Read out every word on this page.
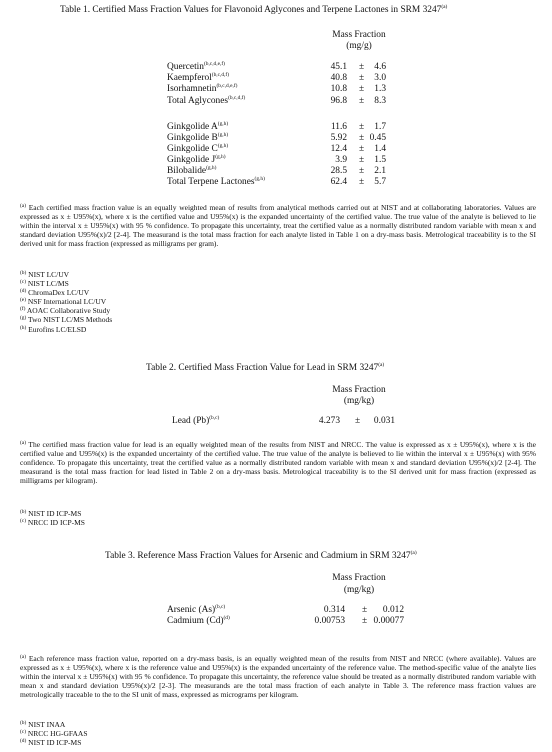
Table 1. Certified Mass Fraction Values for Flavonoid Aglycones and Terpene Lactones in SRM 3247$^{(a)}$
Mass Fraction
(mg/g)
Quercetin$^{(b,c,d,e,f)}$	45.1 ± 4.6
Kaempferol$^{(b,c,d,f)}$	40.8 ± 3.0
Isorhamnetin$^{(b,c,d,e,f)}$	10.8 ± 1.3
Total Aglycones$^{(b,c,d,f)}$	96.8 ± 8.3
Ginkgolide A$^{(g,h)}$	11.6 ± 1.7
Ginkgolide B$^{(g,h)}$	5.92 ± 0.45
Ginkgolide C$^{(g,h)}$	12.4 ± 1.4
Ginkgolide J$^{(g,h)}$	3.9 ± 1.5
Bilobalide$^{(g,h)}$	28.5 ± 2.1
Total Terpene Lactones$^{(g,h)}$	62.4 ± 5.7

$^{(a)}$ Each certified mass fraction value is an equally weighted mean of results from analytical methods carried out at NIST and at collaborating laboratories. Values are expressed as x ± U95%(x), where x is the certified value and U95%(x) is the expanded uncertainty of the certified value. The true value of the analyte is believed to lie within the interval x ± U95%(x) with 95 % confidence. To propagate this uncertainty, treat the certified value as a normally distributed random variable with mean x and standard deviation U95%(x)/2 [2-4]. The measurand is the total mass fraction for each analyte listed in Table 1 on a dry-mass basis. Metrological traceability is to the SI derived unit for mass fraction (expressed as milligrams per gram).

$^{(b)}$ NIST LC/UV

$^{(c)}$ NIST LC/MS

$^{(d)}$ ChromaDex LC/UV

$^{(e)}$ NSF International LC/UV

$^{(f)}$ AOAC Collaborative Study

$^{(g)}$ Two NIST LC/MS Methods

$^{(h)}$ Eurofins LC/ELSD

Table 2. Certified Mass Fraction Value for Lead in SRM 3247$^{(a)}$
Mass Fraction
(mg/kg)
Lead $(Pb)^{(b,c)}$	4.273 ± 0.031

$^{(a)}$ The certified mass fraction value for lead is an equally weighted mean of the results from NIST and NRCC. The value is expressed as x ± U95%(x), where x is the certified value and U95%(x) is the expanded uncertainty of the certified value. The true value of the analyte is believed to lie within the interval x ± U95%(x) with 95% confidence. To propagate this uncertainty, treat the certified value as a normally distributed random variable with mean x and standard deviation U95%(x)/2 [2-4]. The measurand is the total mass fraction for lead listed in Table 2 on a dry-mass basis. Metrological traceability is to the SI derived unit for mass fraction (expressed as milligrams per kilogram).

$^{(b)}$ NIST ID ICP-MS

$^{(c)}$ NRCC ID ICP-MS

Table 3. Reference Mass Fraction Values for Arsenic and Cadmium in SRM 3247$^{(a)}$
Mass Fraction
(mg/kg)
Arsenic $(As)^{(b,c)}$	0.314 ± 0.012
Cadmium $(Cd)^{(d)}$	0.00753 ± 0.00077

$^{(a)}$ Each reference mass fraction value, reported on a dry-mass basis, is an equally weighted mean of the results from NIST and NRCC (where available). Values are expressed as x ± U95%(x), where x is the reference value and U95%(x) is the expanded uncertainty of the reference value. The method-specific value of the analyte lies within the interval x ± U95%(x) with 95 % confidence. To propagate this uncertainty, the reference value should be treated as a normally distributed random variable with mean x and standard deviation U95%(x)/2 [2-3]. The measurands are the total mass fraction of each analyte in Table 3. The reference mass fraction values are metrologically traceable to the to the SI unit of mass, expressed as micrograms per kilogram.

$^{(b)}$ NIST INAA

$^{(c)}$ NRCC HG-GFAAS

$^{(d)}$ NIST ID ICP-MS
